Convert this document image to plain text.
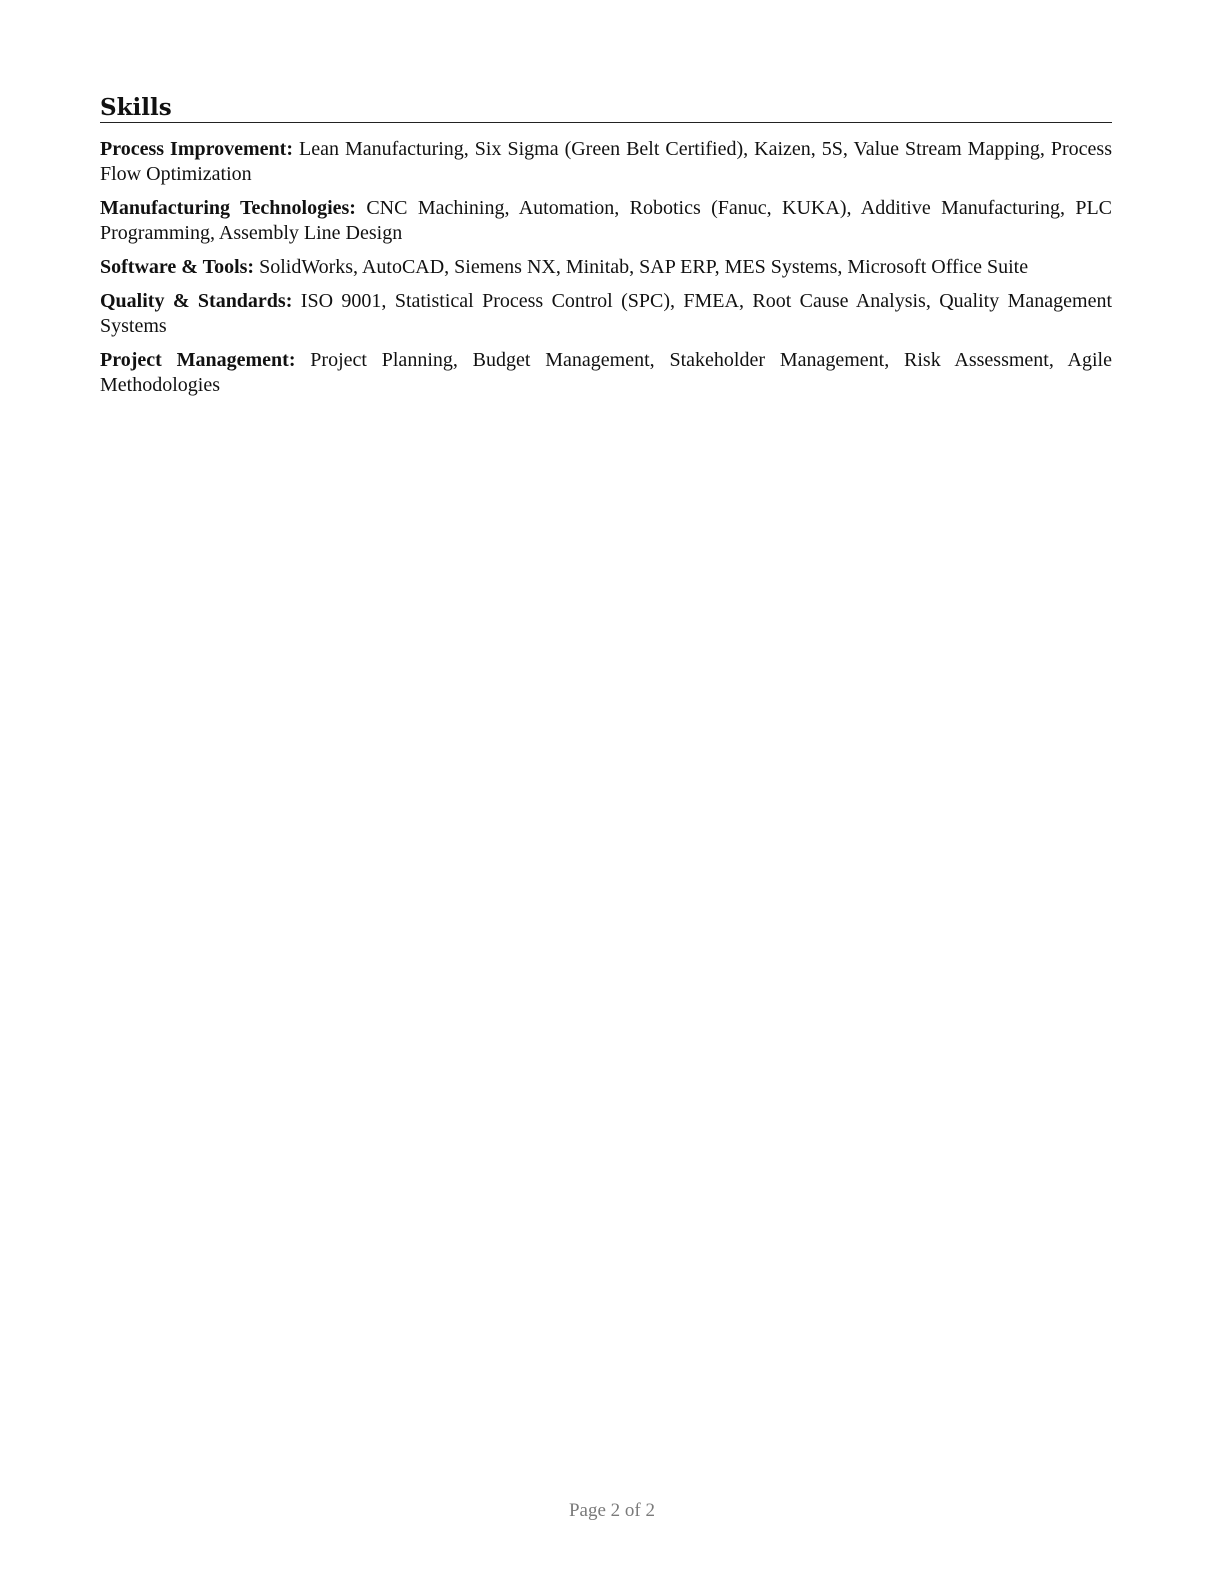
Skills

Process Improvement: Lean Manufacturing, Six Sigma (Green Belt Certified), Kaizen, 5S, Value Stream Mapping, Process Flow Optimization

Manufacturing Technologies: CNC Machining, Automation, Robotics (Fanuc, KUKA), Additive Manufacturing, PLC Programming, Assembly Line Design

Software & Tools: SolidWorks, AutoCAD, Siemens NX, Minitab, SAP ERP, MES Systems, Microsoft Office Suite

Quality & Standards: ISO 9001, Statistical Process Control (SPC), FMEA, Root Cause Analysis, Quality Management Systems

Project Management: Project Planning, Budget Management, Stakeholder Management, Risk Assessment, Agile Methodologies

Page 2 of 2
